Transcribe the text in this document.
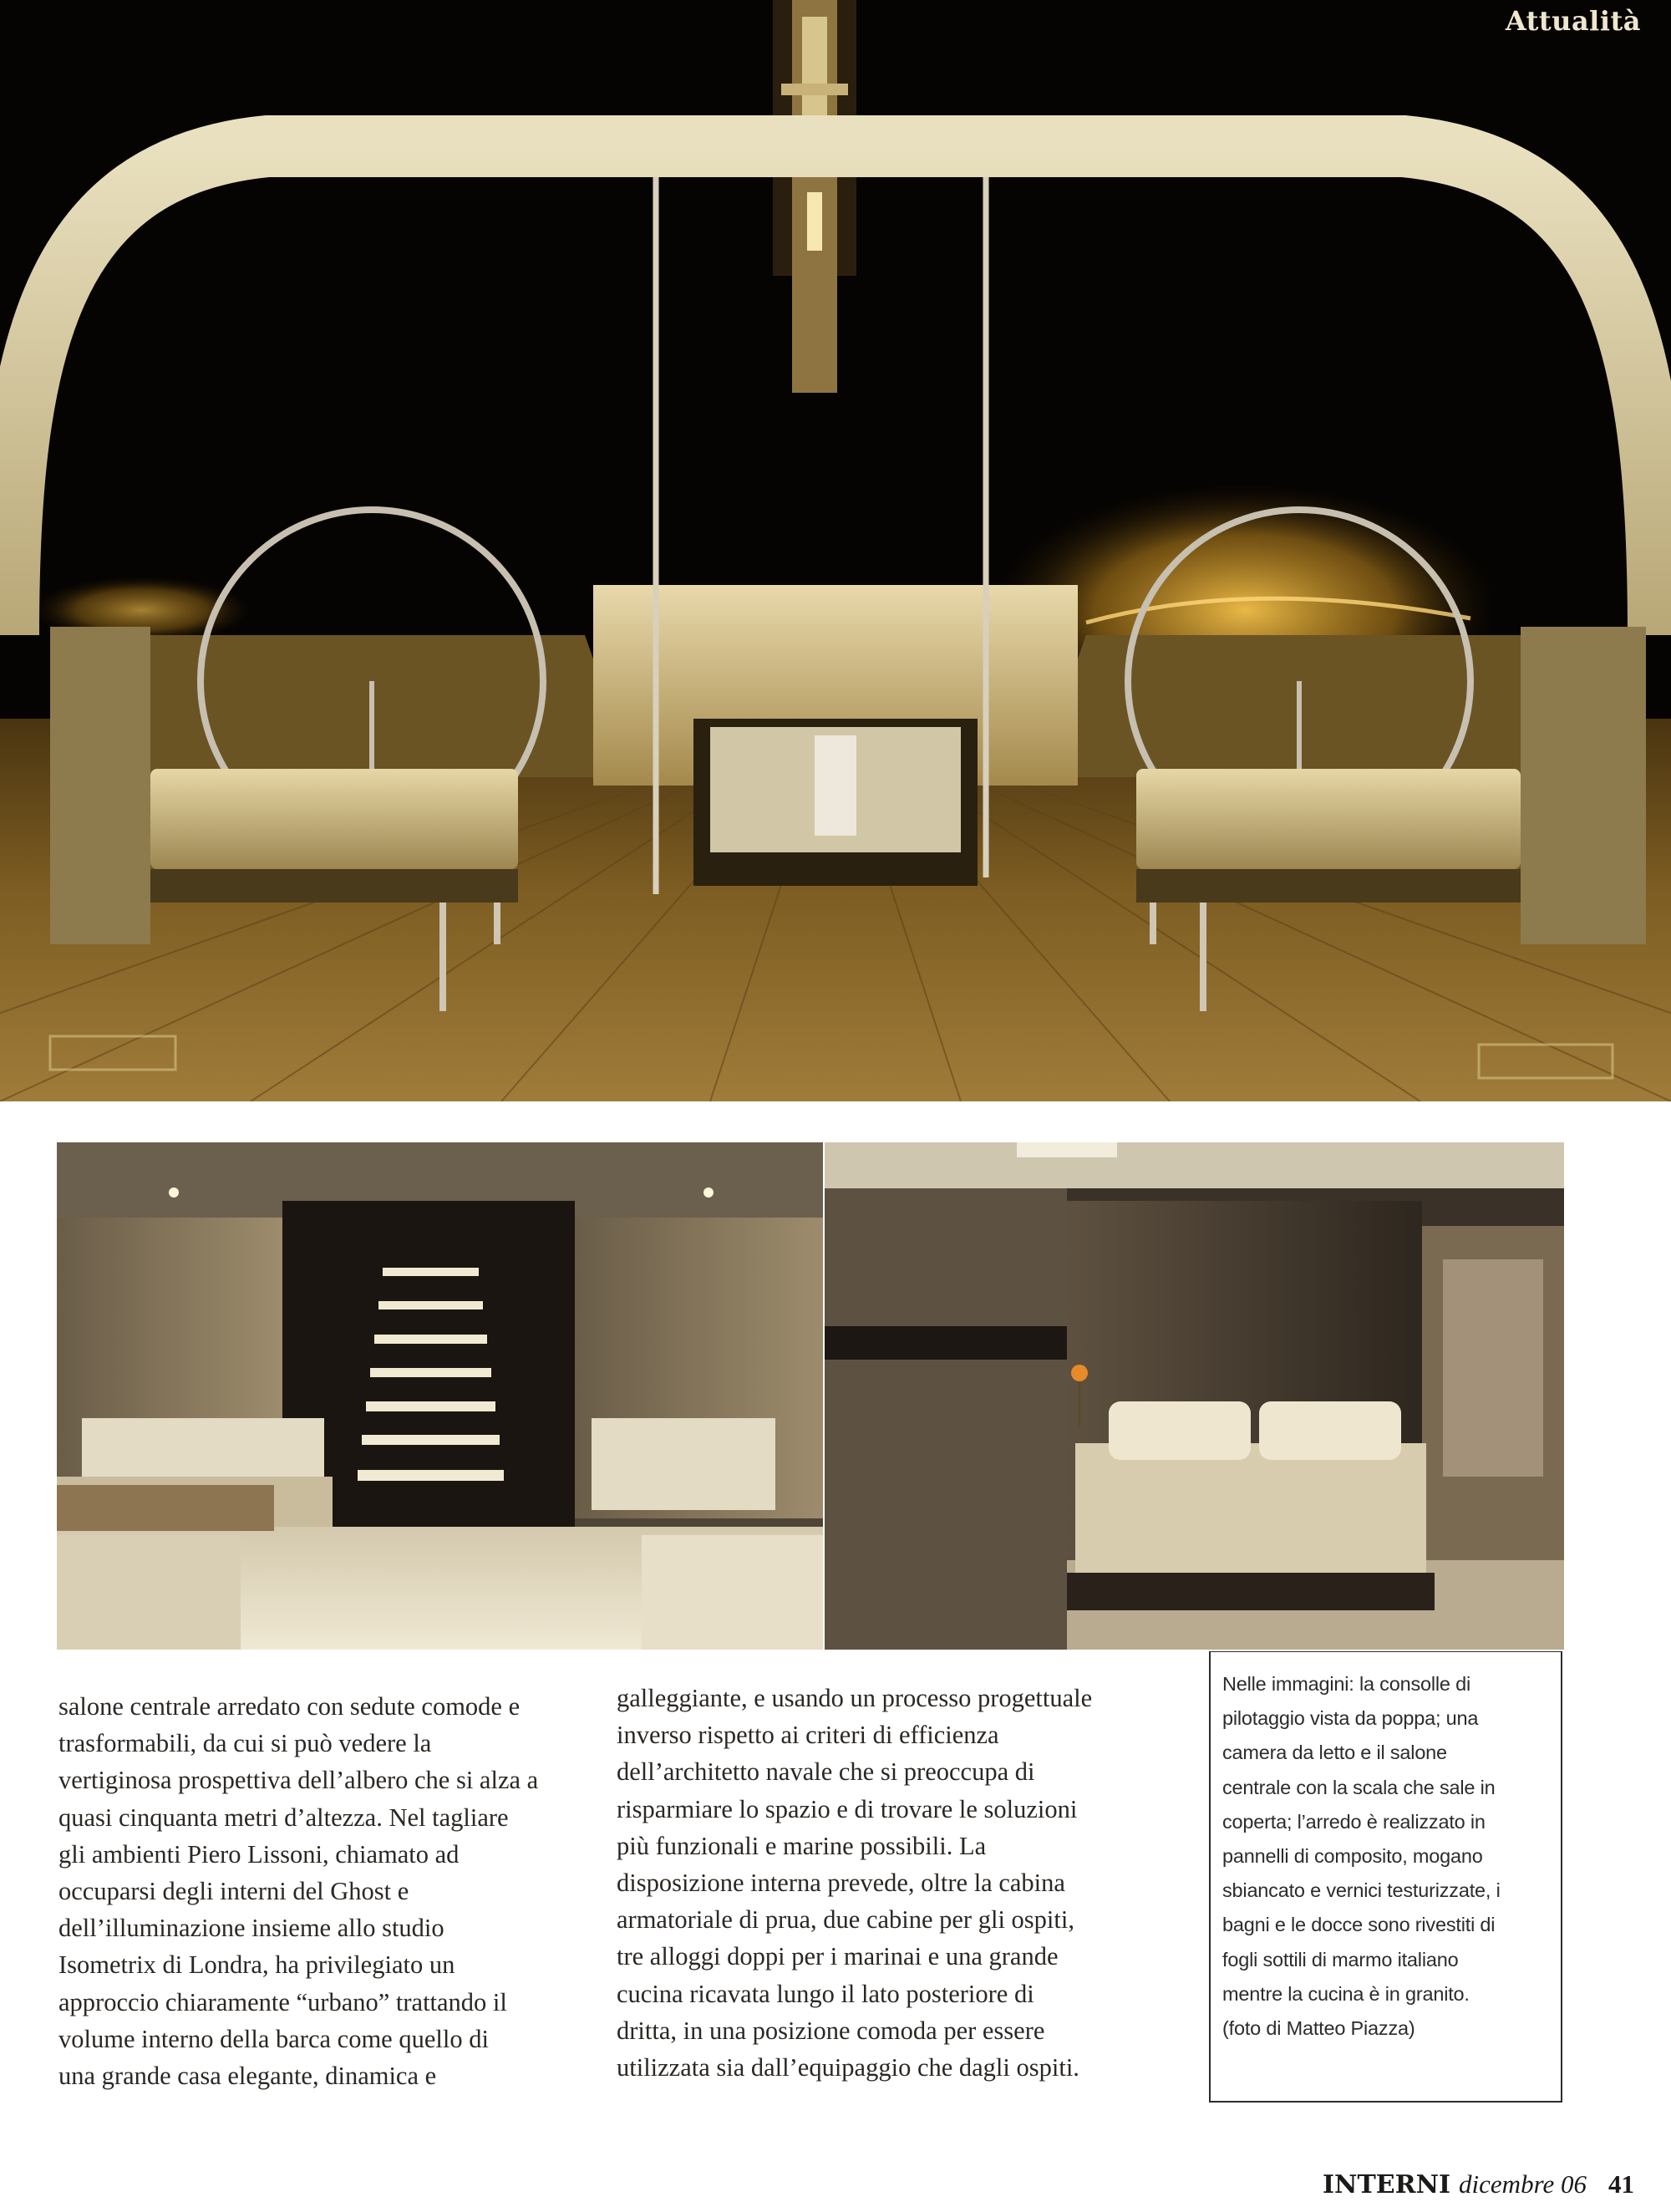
Attualità
salone centrale arredato con sedute comode e
trasformabili, da cui si può vedere la
vertiginosa prospettiva dell’albero che si alza a
quasi cinquanta metri d’altezza. Nel tagliare
gli ambienti Piero Lissoni, chiamato ad
occuparsi degli interni del Ghost e
dell’illuminazione insieme allo studio
Isometrix di Londra, ha privilegiato un
approccio chiaramente “urbano” trattando il
volume interno della barca come quello di
una grande casa elegante, dinamica e
galleggiante, e usando un processo progettuale
inverso rispetto ai criteri di efficienza
dell’architetto navale che si preoccupa di
risparmiare lo spazio e di trovare le soluzioni
più funzionali e marine possibili. La
disposizione interna prevede, oltre la cabina
armatoriale di prua, due cabine per gli ospiti,
tre alloggi doppi per i marinai e una grande
cucina ricavata lungo il lato posteriore di
dritta, in una posizione comoda per essere
utilizzata sia dall’equipaggio che dagli ospiti.
Nelle immagini: la consolle di
pilotaggio vista da poppa; una
camera da letto e il salone
centrale con la scala che sale in
coperta; l’arredo è realizzato in
pannelli di composito, mogano
sbiancato e vernici testurizzate, i
bagni e le docce sono rivestiti di
fogli sottili di marmo italiano
mentre la cucina è in granito.
(foto di Matteo Piazza)
INTERNI dicembre 06 41
